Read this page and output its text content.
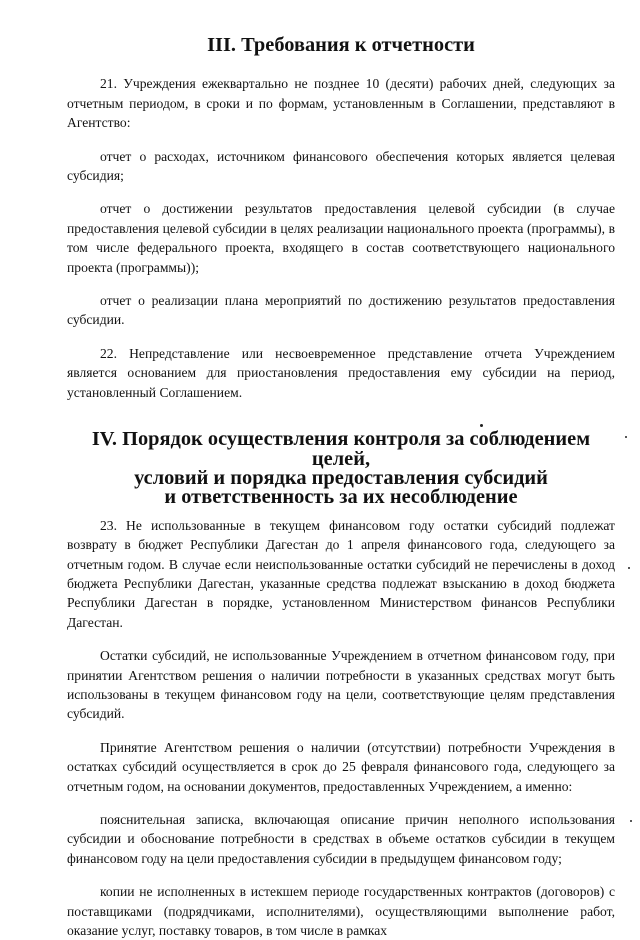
III. Требования к отчетности

21. Учреждения ежеквартально не позднее 10 (десяти) рабочих дней, следующих за отчетным периодом, в сроки и по формам, установленным в Соглашении, представляют в Агентство:

отчет о расходах, источником финансового обеспечения которых является целевая субсидия;

отчет о достижении результатов предоставления целевой субсидии (в случае предоставления целевой субсидии в целях реализации национального проекта (программы), в том числе федерального проекта, входящего в состав соответствующего национального проекта (программы));

отчет о реализации плана мероприятий по достижению результатов предоставления субсидии.

22. Непредставление или несвоевременное представление отчета Учреждением является основанием для приостановления предоставления ему субсидии на период, установленный Соглашением.

IV. Порядок осуществления контроля за соблюдением целей,
условий и порядка предоставления субсидий
и ответственность за их несоблюдение

23. Не использованные в текущем финансовом году остатки субсидий подлежат возврату в бюджет Республики Дагестан до 1 апреля финансового года, следующего за отчетным годом. В случае если неиспользованные остатки субсидий не перечислены в доход бюджета Республики Дагестан, указанные средства подлежат взысканию в доход бюджета Республики Дагестан в порядке, установленном Министерством финансов Республики Дагестан.

Остатки субсидий, не использованные Учреждением в отчетном финансовом году, при принятии Агентством решения о наличии потребности в указанных средствах могут быть использованы в текущем финансовом году на цели, соответствующие целям представления субсидий.

Принятие Агентством решения о наличии (отсутствии) потребности Учреждения в остатках субсидий осуществляется в срок до 25 февраля финансового года, следующего за отчетным годом, на основании документов, предоставленных Учреждением, а именно:

пояснительная записка, включающая описание причин неполного использования субсидии и обоснование потребности в средствах в объеме остатков субсидии в текущем финансовом году на цели предоставления субсидии в предыдущем финансовом году;

копии не исполненных в истекшем периоде государственных контрактов (договоров) с поставщиками (подрядчиками, исполнителями), осуществляющими выполнение работ, оказание услуг, поставку товаров, в том числе в рамках
